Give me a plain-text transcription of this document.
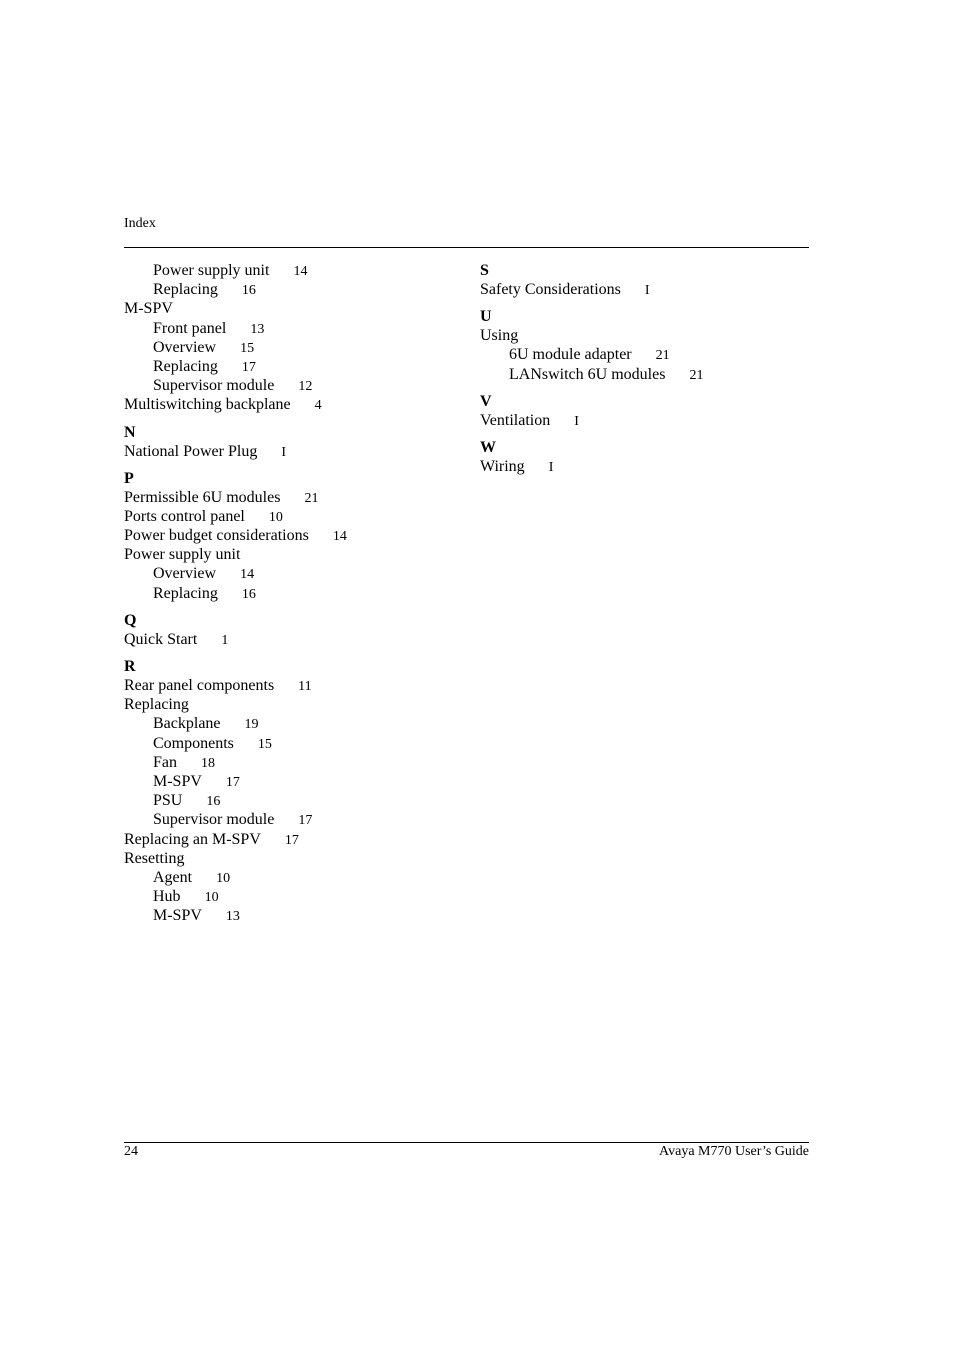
Index
Power supply unit 14
Replacing 16
M-SPV
Front panel 13
Overview 15
Replacing 17
Supervisor module 12
Multiswitching backplane 4
N
National Power Plug I
P
Permissible 6U modules 21
Ports control panel 10
Power budget considerations 14
Power supply unit
Overview 14
Replacing 16
Q
Quick Start 1
R
Rear panel components 11
Replacing
Backplane 19
Components 15
Fan 18
M-SPV 17
PSU 16
Supervisor module 17
Replacing an M-SPV 17
Resetting
Agent 10
Hub 10
M-SPV 13
S
Safety Considerations I
U
Using
6U module adapter 21
LANswitch 6U modules 21
V
Ventilation I
W
Wiring I
24	Avaya M770 User’s Guide
